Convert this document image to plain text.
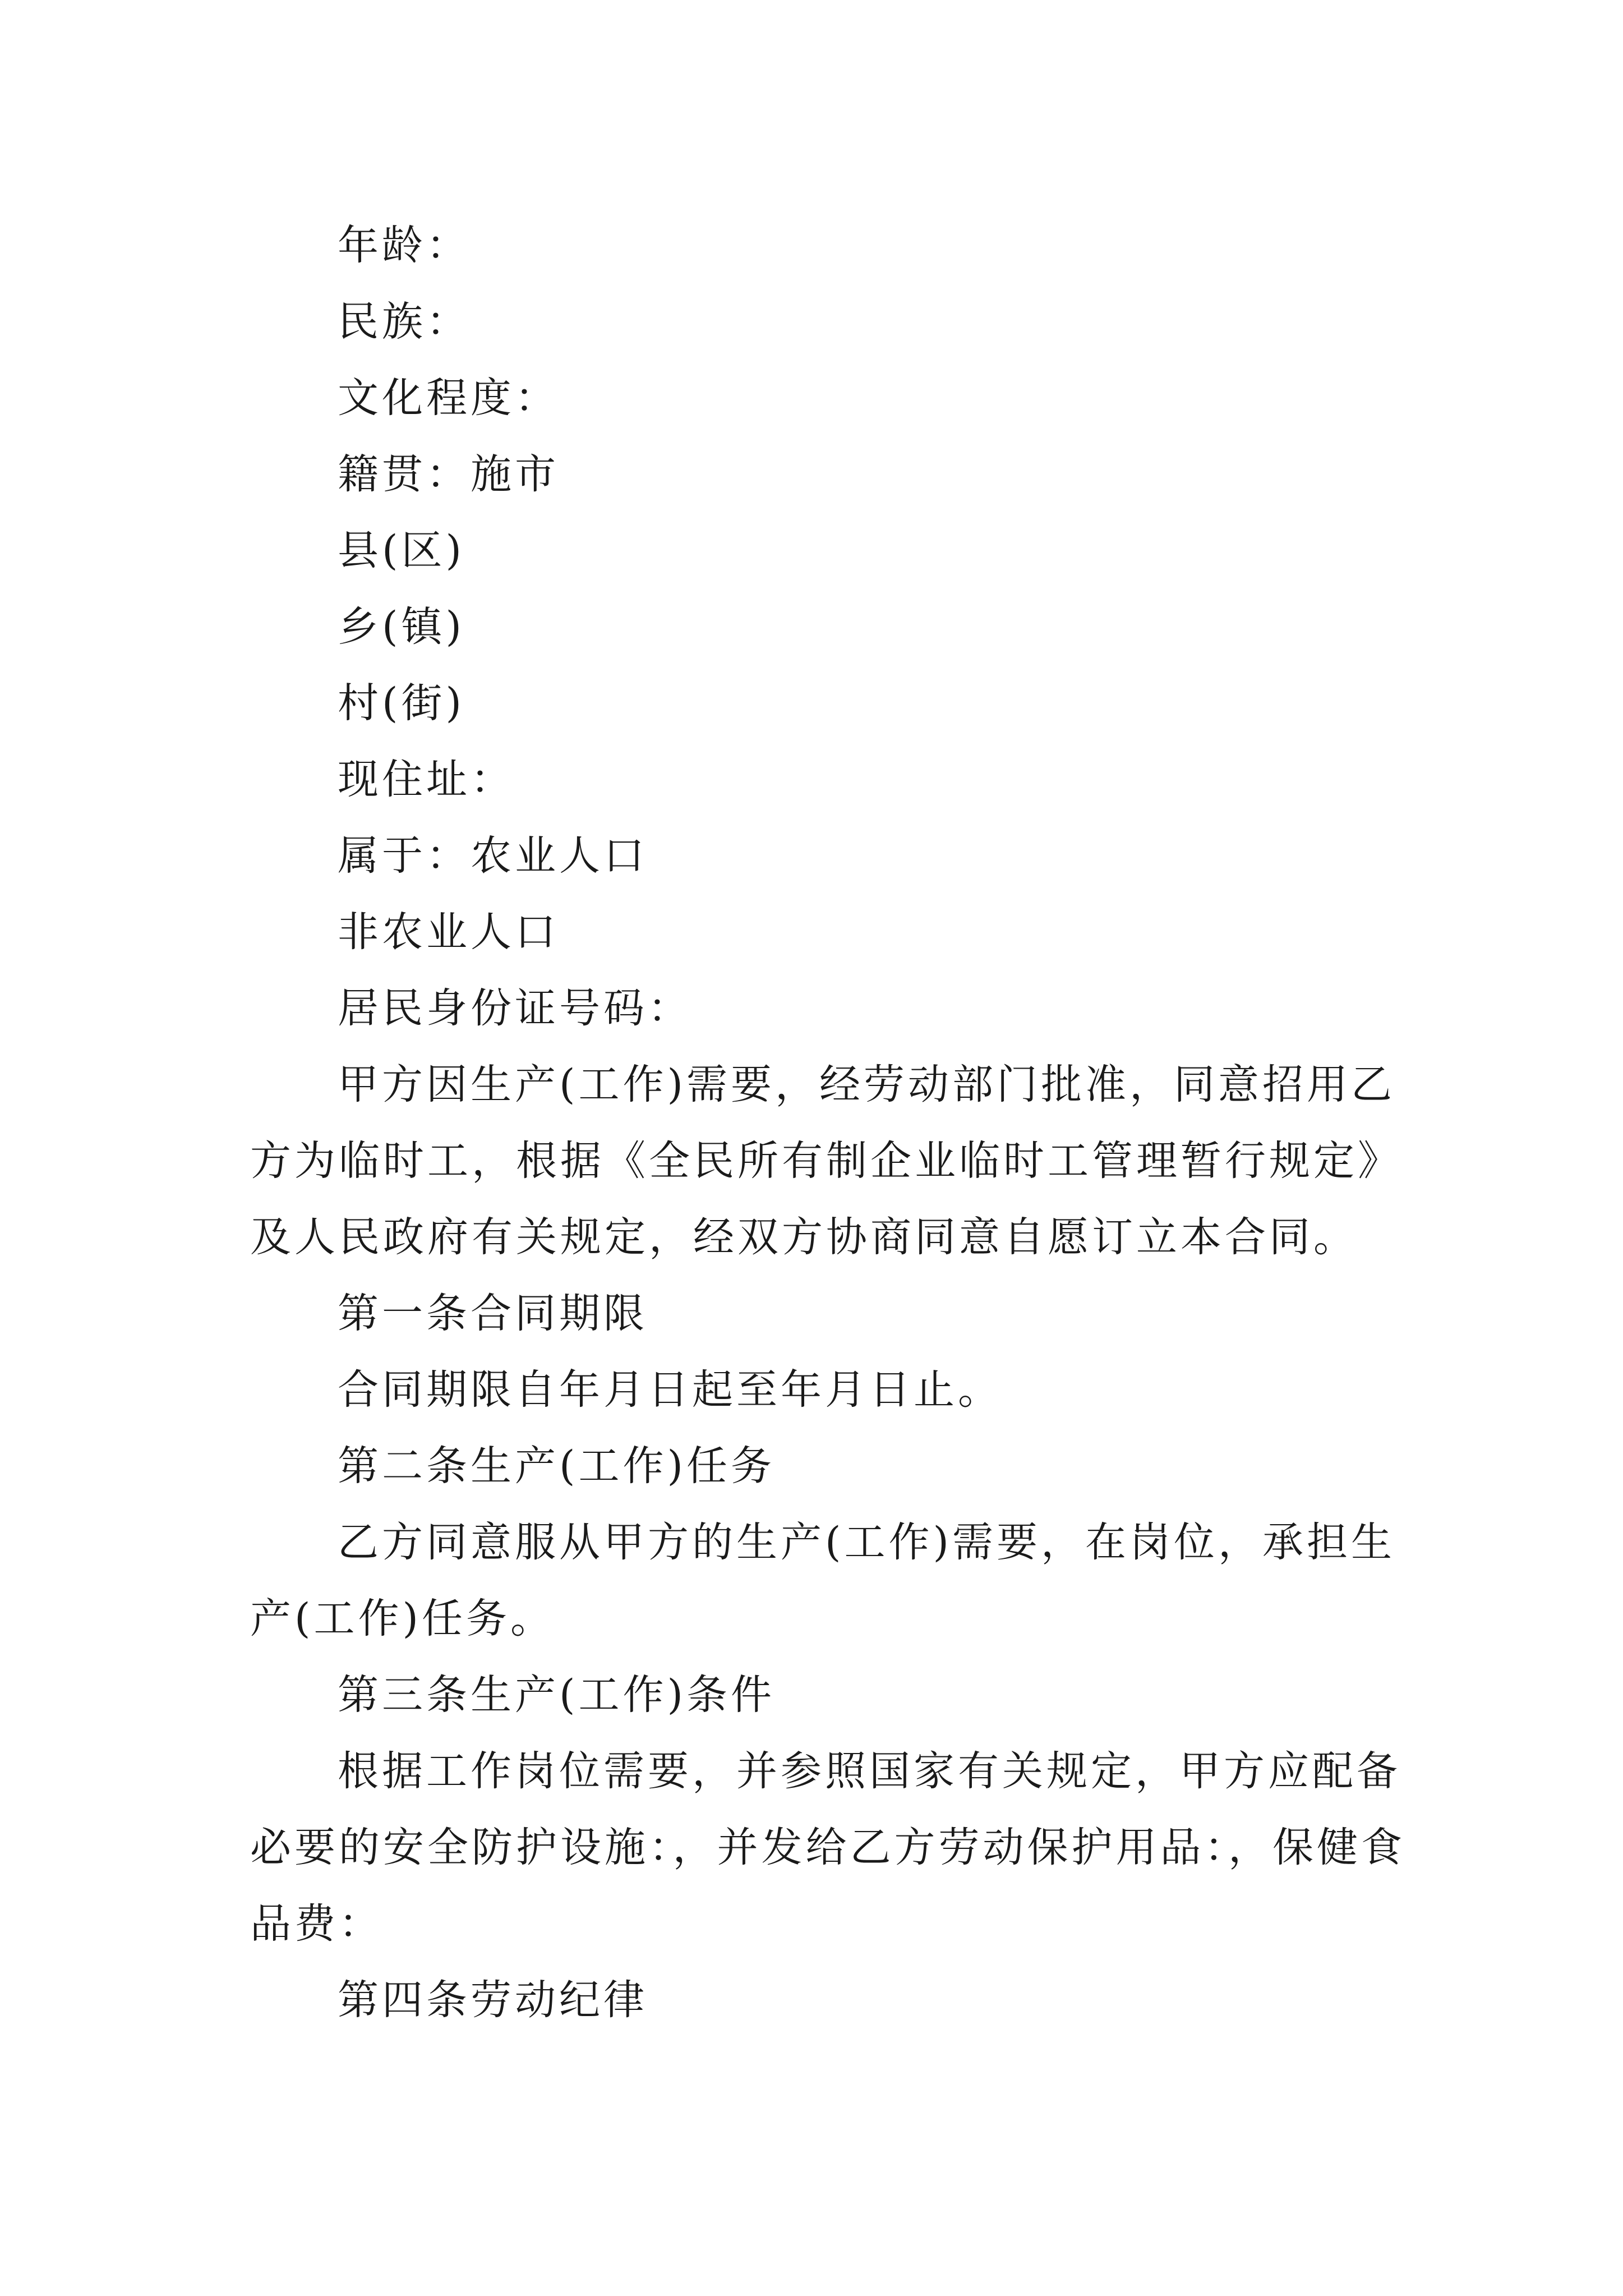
年龄：
民族：
文化程度：
籍贯：施市
县(区)
乡(镇)
村(街)
现住址：
属于：农业人口
非农业人口
居民身份证号码：
甲方因生产(工作)需要，经劳动部门批准，同意招用乙
方为临时工，根据《全民所有制企业临时工管理暂行规定》
及人民政府有关规定，经双方协商同意自愿订立本合同。
第一条合同期限
合同期限自年月日起至年月日止。
第二条生产(工作)任务
乙方同意服从甲方的生产(工作)需要，在岗位，承担生
产(工作)任务。
第三条生产(工作)条件
根据工作岗位需要，并参照国家有关规定，甲方应配备
必要的安全防护设施：，并发给乙方劳动保护用品：，保健食
品费：
第四条劳动纪律
